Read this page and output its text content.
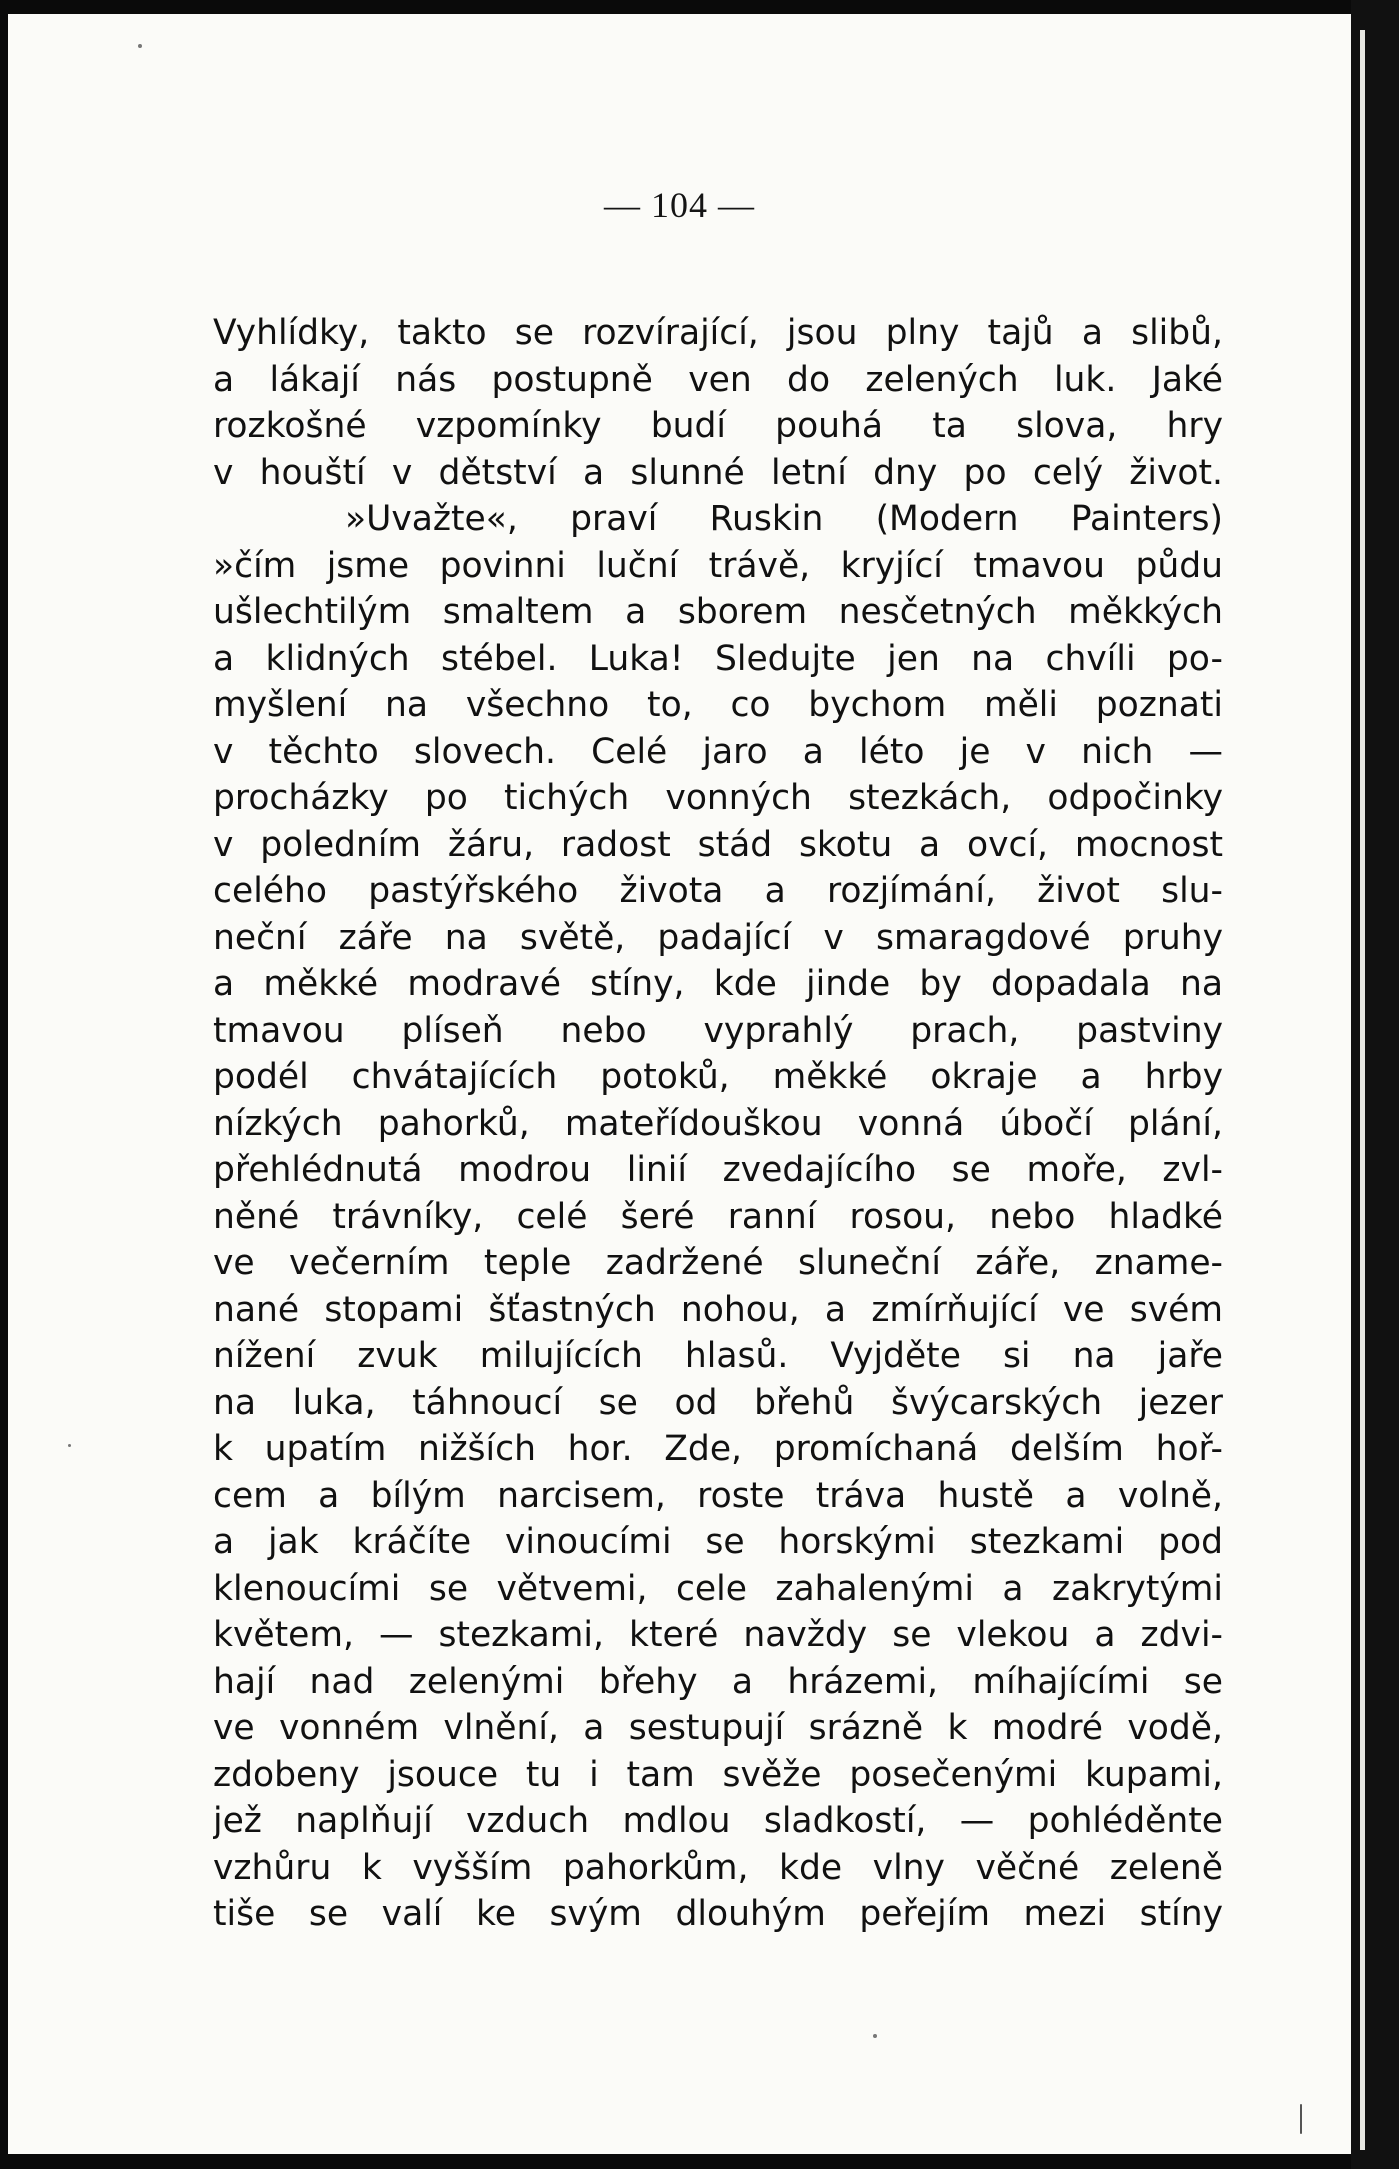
— 104 —
Vyhlídky, takto se rozvírající, jsou plny tajů a slibů,
a lákají nás postupně ven do zelených luk. Jaké
rozkošné vzpomínky budí pouhá ta slova, hry
v houští v dětství a slunné letní dny po celý život.
»Uvažte«, praví Ruskin (Modern Painters)
»čím jsme povinni luční trávě, kryjící tmavou půdu
ušlechtilým smaltem a sborem nesčetných měkkých
a klidných stébel. Luka! Sledujte jen na chvíli po-
myšlení na všechno to, co bychom měli poznati
v těchto slovech. Celé jaro a léto je v nich —
procházky po tichých vonných stezkách, odpočinky
v poledním žáru, radost stád skotu a ovcí, mocnost
celého pastýřského života a rozjímání, život slu-
neční záře na světě, padající v smaragdové pruhy
a měkké modravé stíny, kde jinde by dopadala na
tmavou plíseň nebo vyprahlý prach, pastviny
podél chvátajících potoků, měkké okraje a hrby
nízkých pahorků, mateřídouškou vonná úbočí plání,
přehlédnutá modrou linií zvedajícího se moře, zvl-
něné trávníky, celé šeré ranní rosou, nebo hladké
ve večerním teple zadržené sluneční záře, zname-
nané stopami šťastných nohou, a zmírňující ve svém
nížení zvuk milujících hlasů. Vyjděte si na jaře
na luka, táhnoucí se od břehů švýcarských jezer
k upatím nižších hor. Zde, promíchaná delším hoř-
cem a bílým narcisem, roste tráva hustě a volně,
a jak kráčíte vinoucími se horskými stezkami pod
klenoucími se větvemi, cele zahalenými a zakrytými
květem, — stezkami, které navždy se vlekou a zdvi-
hají nad zelenými břehy a hrázemi, míhajícími se
ve vonném vlnění, a sestupují srázně k modré vodě,
zdobeny jsouce tu i tam svěže posečenými kupami,
jež naplňují vzduch mdlou sladkostí, — pohléděnte
vzhůru k vyšším pahorkům, kde vlny věčné zeleně
tiše se valí ke svým dlouhým peřejím mezi stíny
